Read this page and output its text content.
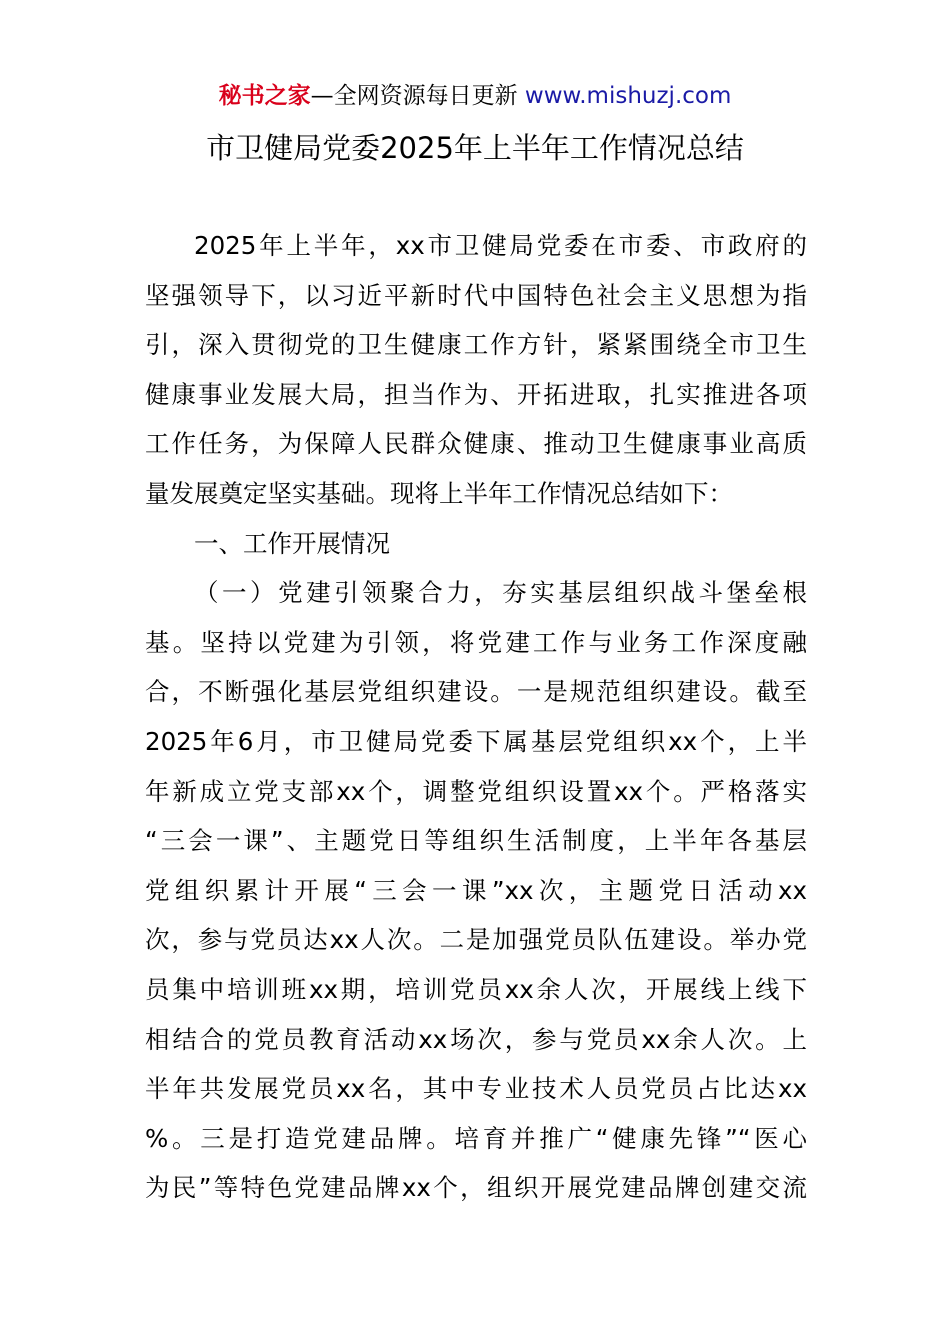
秘书之家—全网资源每日更新 www.mishuzj.com
市卫健局党委2025年上半年工作情况总结
2025年上半年，xx市卫健局党委在市委、市政府的
坚强领导下，以习近平新时代中国特色社会主义思想为指
引，深入贯彻党的卫生健康工作方针，紧紧围绕全市卫生
健康事业发展大局，担当作为、开拓进取，扎实推进各项
工作任务，为保障人民群众健康、推动卫生健康事业高质
量发展奠定坚实基础。现将上半年工作情况总结如下：
一、工作开展情况
（一）党建引领聚合力，夯实基层组织战斗堡垒根
基。坚持以党建为引领，将党建工作与业务工作深度融
合，不断强化基层党组织建设。一是规范组织建设。截至
2025年6月，市卫健局党委下属基层党组织xx个，上半
年新成立党支部xx个，调整党组织设置xx个。严格落实
“三会一课”、主题党日等组织生活制度，上半年各基层
党组织累计开展“三会一课”xx次，主题党日活动xx
次，参与党员达xx人次。二是加强党员队伍建设。举办党
员集中培训班xx期，培训党员xx余人次，开展线上线下
相结合的党员教育活动xx场次，参与党员xx余人次。上
半年共发展党员xx名，其中专业技术人员党员占比达xx
%。三是打造党建品牌。培育并推广“健康先锋”“医心
为民”等特色党建品牌xx个，组织开展党建品牌创建交流
